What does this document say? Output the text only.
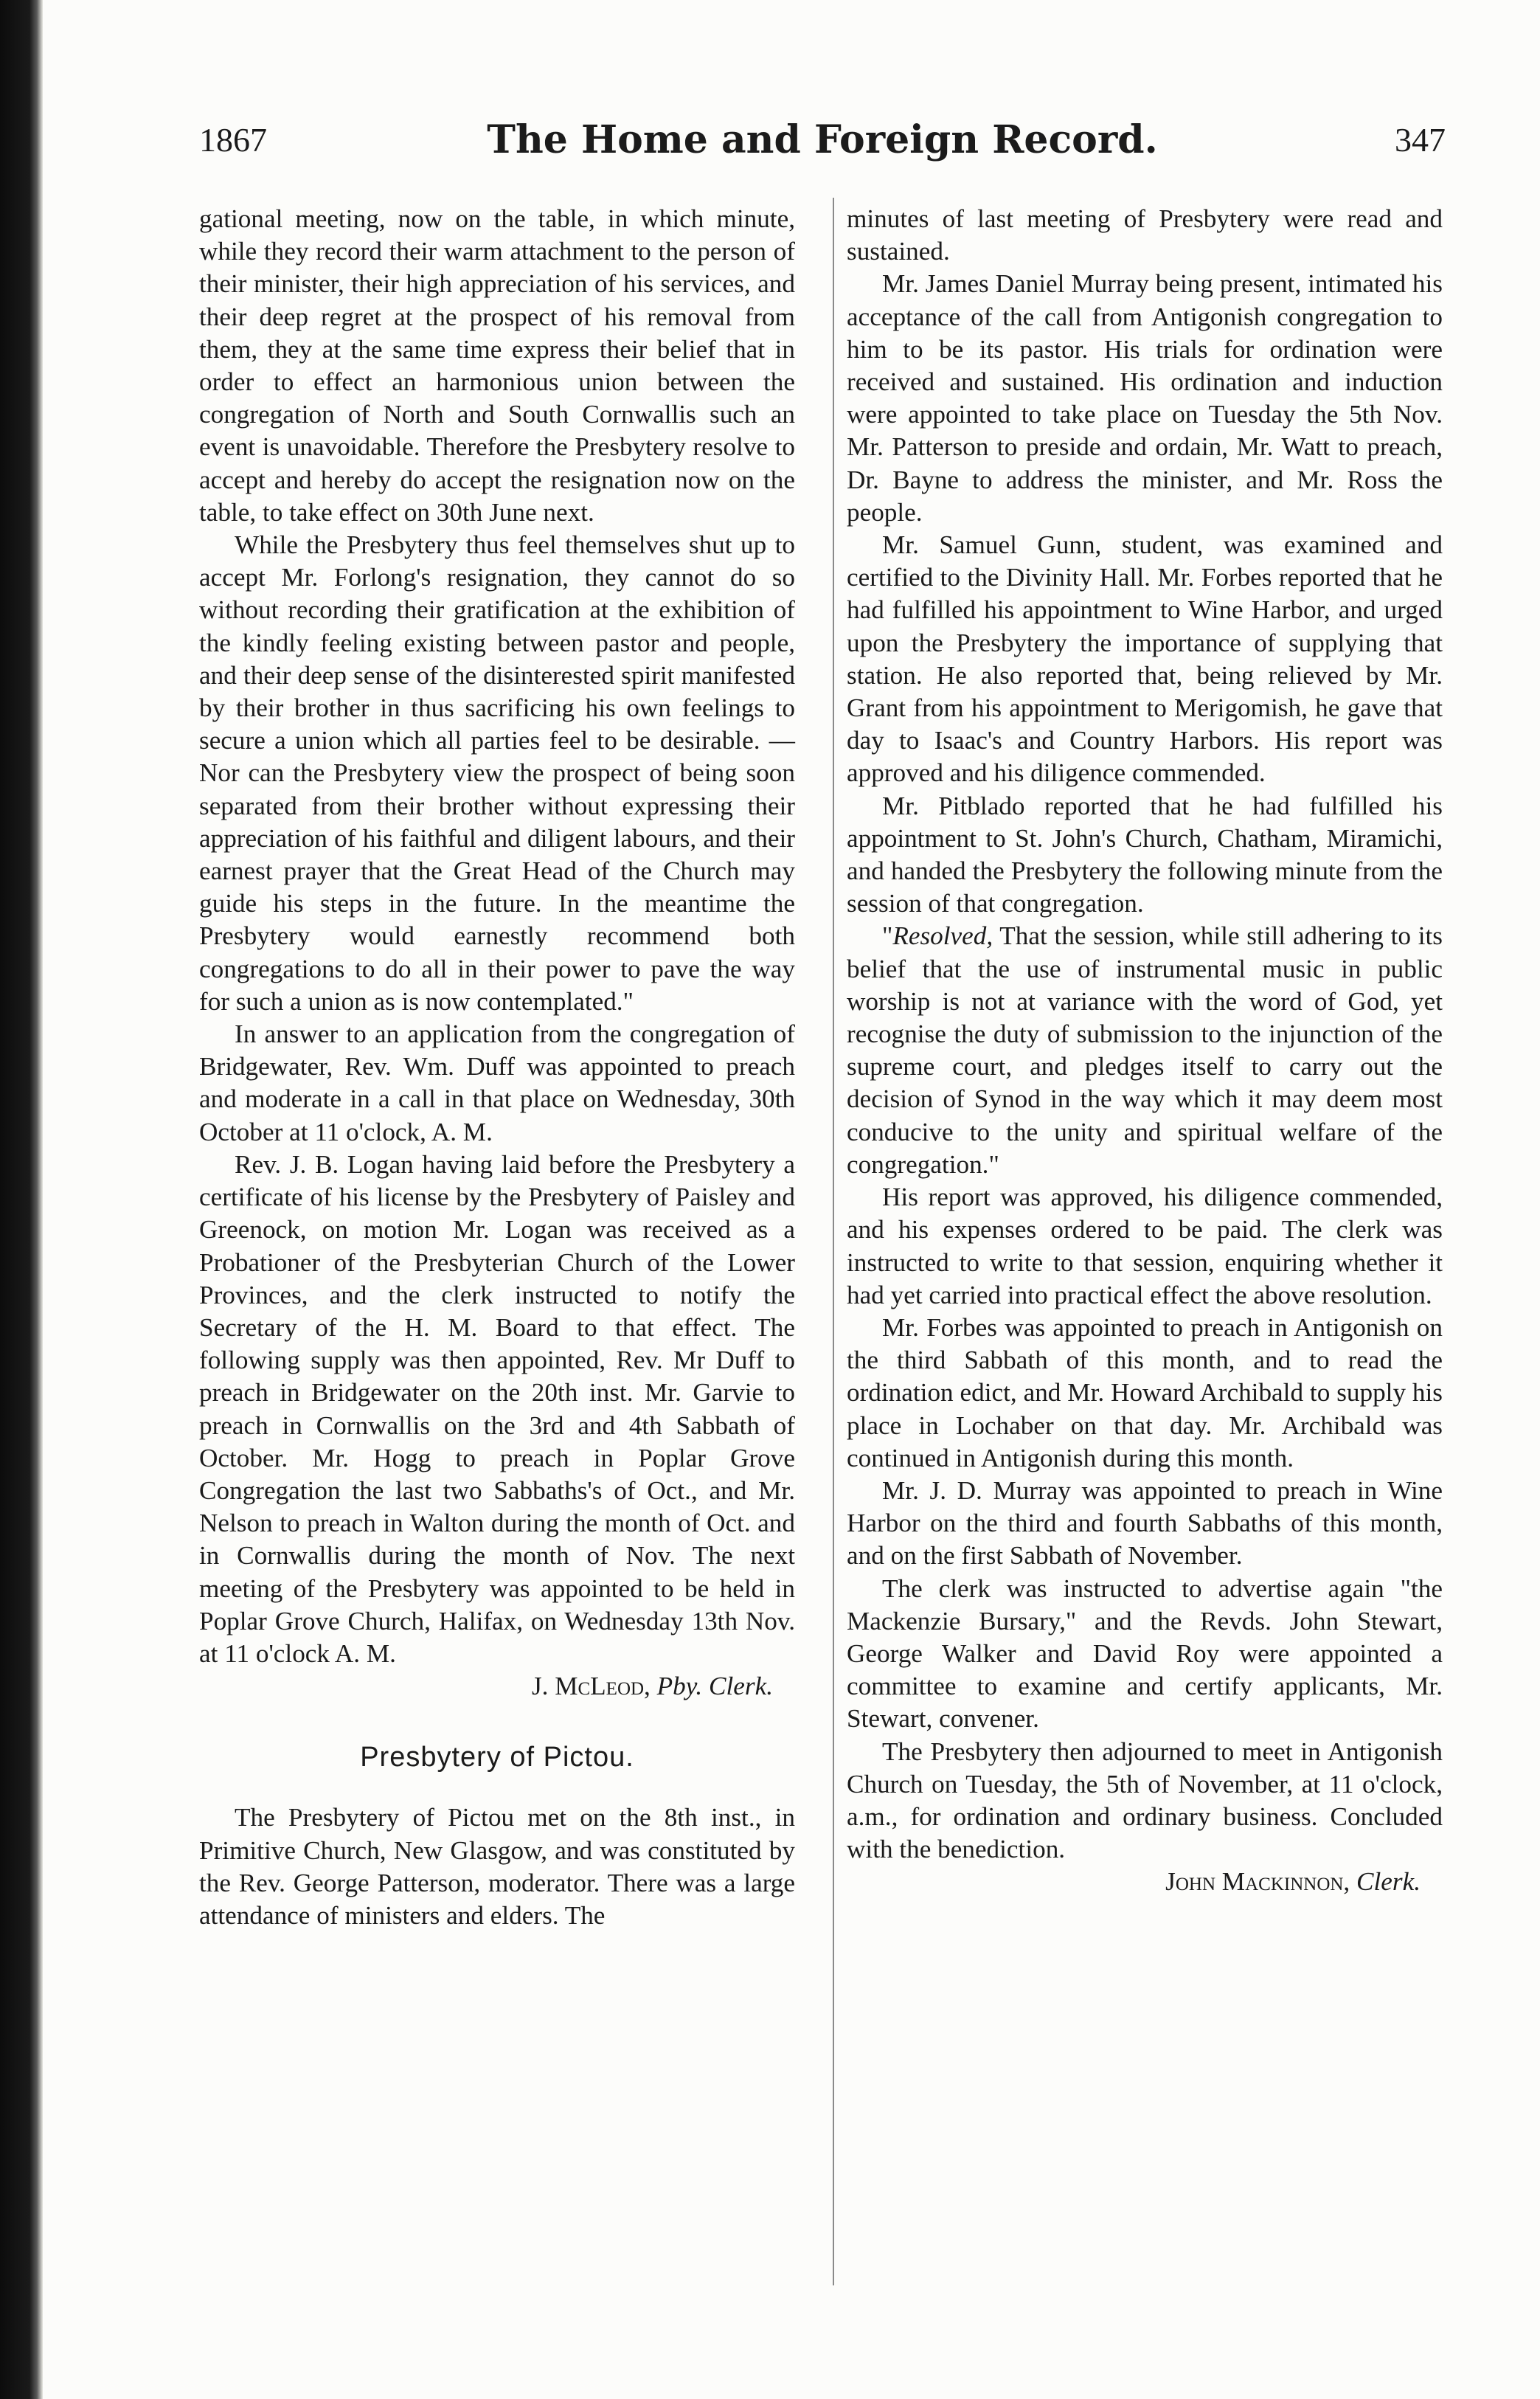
1867	The Home and Foreign Record.	347

gational meeting, now on the table, in which minute, while they record their warm attachment to the person of their minister, their high appreciation of his services, and their deep regret at the prospect of his removal from them, they at the same time express their belief that in order to effect an harmonious union between the congregation of North and South Cornwallis such an event is unavoidable. Therefore the Presbytery resolve to accept and hereby do accept the resignation now on the table, to take effect on 30th June next.

While the Presbytery thus feel themselves shut up to accept Mr. Forlong's resignation, they cannot do so without recording their gratification at the exhibition of the kindly feeling existing between pastor and people, and their deep sense of the disinterested spirit manifested by their brother in thus sacrificing his own feelings to secure a union which all parties feel to be desirable. —Nor can the Presbytery view the prospect of being soon separated from their brother without expressing their appreciation of his faithful and diligent labours, and their earnest prayer that the Great Head of the Church may guide his steps in the future. In the meantime the Presbytery would earnestly recommend both congregations to do all in their power to pave the way for such a union as is now contemplated."

In answer to an application from the congregation of Bridgewater, Rev. Wm. Duff was appointed to preach and moderate in a call in that place on Wednesday, 30th October at 11 o'clock, A. M.

Rev. J. B. Logan having laid before the Presbytery a certificate of his license by the Presbytery of Paisley and Greenock, on motion Mr. Logan was received as a Probationer of the Presbyterian Church of the Lower Provinces, and the clerk instructed to notify the Secretary of the H. M. Board to that effect. The following supply was then appointed, Rev. Mr Duff to preach in Bridgewater on the 20th inst. Mr. Garvie to preach in Cornwallis on the 3rd and 4th Sabbath of October. Mr. Hogg to preach in Poplar Grove Congregation the last two Sabbaths's of Oct., and Mr. Nelson to preach in Walton during the month of Oct. and in Cornwallis during the month of Nov. The next meeting of the Presbytery was appointed to be held in Poplar Grove Church, Halifax, on Wednesday 13th Nov. at 11 o'clock A. M.

J. McLeod, Pby. Clerk.

Presbytery of Pictou.

The Presbytery of Pictou met on the 8th inst., in Primitive Church, New Glasgow, and was constituted by the Rev. George Patterson, moderator. There was a large attendance of ministers and elders. The

minutes of last meeting of Presbytery were read and sustained.

Mr. James Daniel Murray being present, intimated his acceptance of the call from Antigonish congregation to him to be its pastor. His trials for ordination were received and sustained. His ordination and induction were appointed to take place on Tuesday the 5th Nov. Mr. Patterson to preside and ordain, Mr. Watt to preach, Dr. Bayne to address the minister, and Mr. Ross the people.

Mr. Samuel Gunn, student, was examined and certified to the Divinity Hall. Mr. Forbes reported that he had fulfilled his appointment to Wine Harbor, and urged upon the Presbytery the importance of supplying that station. He also reported that, being relieved by Mr. Grant from his appointment to Merigomish, he gave that day to Isaac's and Country Harbors. His report was approved and his diligence commended.

Mr. Pitblado reported that he had fulfilled his appointment to St. John's Church, Chatham, Miramichi, and handed the Presbytery the following minute from the session of that congregation.

"Resolved, That the session, while still adhering to its belief that the use of instrumental music in public worship is not at variance with the word of God, yet recognise the duty of submission to the injunction of the supreme court, and pledges itself to carry out the decision of Synod in the way which it may deem most conducive to the unity and spiritual welfare of the congregation."

His report was approved, his diligence commended, and his expenses ordered to be paid. The clerk was instructed to write to that session, enquiring whether it had yet carried into practical effect the above resolution.

Mr. Forbes was appointed to preach in Antigonish on the third Sabbath of this month, and to read the ordination edict, and Mr. Howard Archibald to supply his place in Lochaber on that day. Mr. Archibald was continued in Antigonish during this month.

Mr. J. D. Murray was appointed to preach in Wine Harbor on the third and fourth Sabbaths of this month, and on the first Sabbath of November.

The clerk was instructed to advertise again "the Mackenzie Bursary," and the Revds. John Stewart, George Walker and David Roy were appointed a committee to examine and certify applicants, Mr. Stewart, convener.

The Presbytery then adjourned to meet in Antigonish Church on Tuesday, the 5th of November, at 11 o'clock, a.m., for ordination and ordinary business. Concluded with the benediction.

John Mackinnon, Clerk.
